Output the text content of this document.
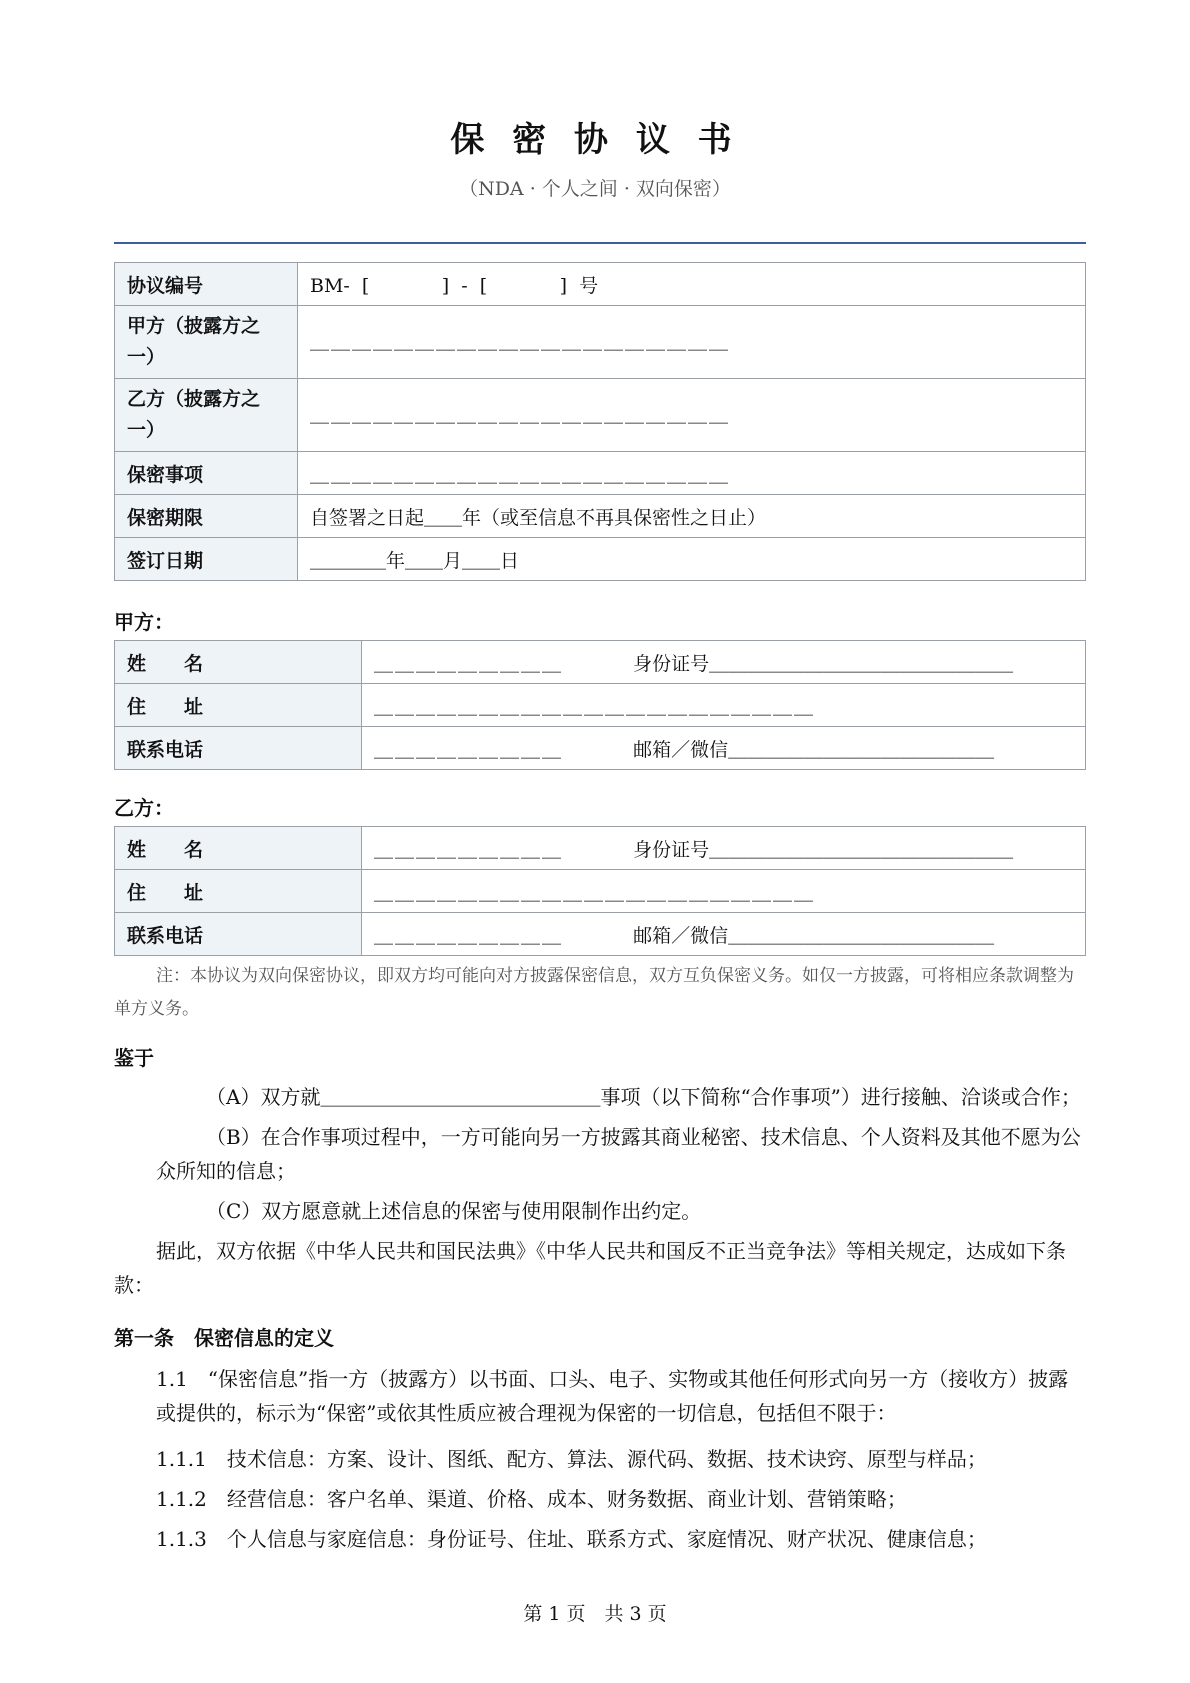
保 密 协 议 书
（NDA · 个人之间 · 双向保密）
协议编号	BM-  [            ]  -  [            ]  号
甲方（披露方之一）	＿＿＿＿＿＿＿＿＿＿＿＿＿＿＿＿＿＿＿＿
乙方（披露方之一）	＿＿＿＿＿＿＿＿＿＿＿＿＿＿＿＿＿＿＿＿
保密事项	＿＿＿＿＿＿＿＿＿＿＿＿＿＿＿＿＿＿＿＿
保密期限	自签署之日起＿＿年（或至信息不再具保密性之日止）
签订日期	＿＿＿＿年＿＿月＿＿日
甲方：
姓　　名	＿＿＿＿＿＿＿＿＿ 身份证号＿＿＿＿＿＿＿＿＿＿＿＿＿＿＿＿
住　　址	＿＿＿＿＿＿＿＿＿＿＿＿＿＿＿＿＿＿＿＿＿
联系电话	＿＿＿＿＿＿＿＿＿ 邮箱／微信＿＿＿＿＿＿＿＿＿＿＿＿＿＿
乙方：
姓　　名	＿＿＿＿＿＿＿＿＿ 身份证号＿＿＿＿＿＿＿＿＿＿＿＿＿＿＿＿
住　　址	＿＿＿＿＿＿＿＿＿＿＿＿＿＿＿＿＿＿＿＿＿
联系电话	＿＿＿＿＿＿＿＿＿ 邮箱／微信＿＿＿＿＿＿＿＿＿＿＿＿＿＿
注：本协议为双向保密协议，即双方均可能向对方披露保密信息，双方互负保密义务。如仅一方披露，可将相应条款调整为单方义务。
鉴于
（A）双方就＿＿＿＿＿＿＿＿＿＿＿＿＿＿事项（以下简称“合作事项”）进行接触、洽谈或合作；
（B）在合作事项过程中，一方可能向另一方披露其商业秘密、技术信息、个人资料及其他不愿为公众所知的信息；
（C）双方愿意就上述信息的保密与使用限制作出约定。
据此，双方依据《中华人民共和国民法典》《中华人民共和国反不正当竞争法》等相关规定，达成如下条款：
第一条　保密信息的定义
1.1　“保密信息”指一方（披露方）以书面、口头、电子、实物或其他任何形式向另一方（接收方）披露或提供的，标示为“保密”或依其性质应被合理视为保密的一切信息，包括但不限于：
1.1.1　技术信息：方案、设计、图纸、配方、算法、源代码、数据、技术诀窍、原型与样品；
1.1.2　经营信息：客户名单、渠道、价格、成本、财务数据、商业计划、营销策略；
1.1.3　个人信息与家庭信息：身份证号、住址、联系方式、家庭情况、财产状况、健康信息；
第 1 页　共 3 页
